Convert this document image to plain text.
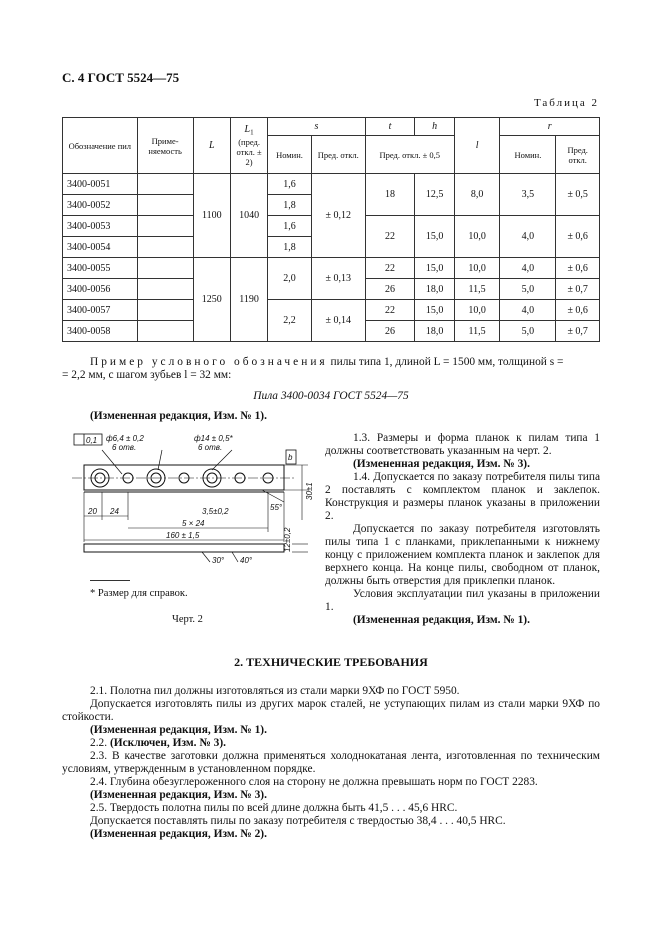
С. 4 ГОСТ 5524—75
Таблица 2
Обозначение пил	Приме-няемость	L	$L_1$
(пред. откл. ± 2)	s		t	h	l	r	
				Номин.	Пред. откл.	Пред. откл. ± 0,5			Номин.	Пред. откл.
3400-0051		1100	1040	1,6	± 0,12	18	12,5	8,0	3,5	± 0,5
3400-0052				1,8						
3400-0053				1,6		22	15,0	10,0	4,0	± 0,6
3400-0054				1,8						
3400-0055		1250	1190	2,0	± 0,13	22	15,0	10,0	4,0	± 0,6
3400-0056						26	18,0	11,5	5,0	± 0,7
3400-0057				2,2	± 0,14	22	15,0	10,0	4,0	± 0,6
3400-0058						26	18,0	11,5	5,0	± 0,7
Пример условного обозначения пилы типа 1, длиной L = 1500 мм, толщиной s =
= 2,2 мм, с шагом зубьев l = 32 мм:
Пила 3400-0034 ГОСТ 5524—75
(Измененная редакция, Изм. № 1).
0,1 ф6,4 ± 0,2
6 отв.
ф14 ± 0,5*
6 отв.
b
55°
20 24	3,5±0,2
5 × 24
160 ± 1,5
30° 40°
30±1
12±0,2
* Размер для справок.
Черт. 2
1.3. Размеры и форма планок к пилам типа 1 должны соответствовать указанным на черт. 2.
(Измененная редакция, Изм. № 3).
1.4. Допускается по заказу потребителя пилы типа 2 поставлять с комплектом планок и заклепок. Конструкция и размеры планок указаны в приложении 2.
Допускается по заказу потребителя изготовлять пилы типа 1 с планками, приклепанными к нижнему концу с приложением комплекта планок и заклепок для верхнего конца. На конце пилы, свободном от планок, должны быть отверстия для приклепки планок.
Условия эксплуатации пил указаны в приложении 1.
(Измененная редакция, Изм. № 1).
2. ТЕХНИЧЕСКИЕ ТРЕБОВАНИЯ
2.1. Полотна пил должны изготовляться из стали марки 9ХФ по ГОСТ 5950.
Допускается изготовлять пилы из других марок сталей, не уступающих пилам из стали марки 9ХФ по стойкости.
(Измененная редакция, Изм. № 1).
2.2. (Исключен, Изм. № 3).
2.3. В качестве заготовки должна применяться холоднокатаная лента, изготовленная по техническим условиям, утвержденным в установленном порядке.
2.4. Глубина обезуглероженного слоя на сторону не должна превышать норм по ГОСТ 2283.
(Измененная редакция, Изм. № 3).
2.5. Твердость полотна пилы по всей длине должна быть 41,5 . . . 45,6 HRC.
Допускается поставлять пилы по заказу потребителя с твердостью 38,4 . . . 40,5 HRC.
(Измененная редакция, Изм. № 2).
